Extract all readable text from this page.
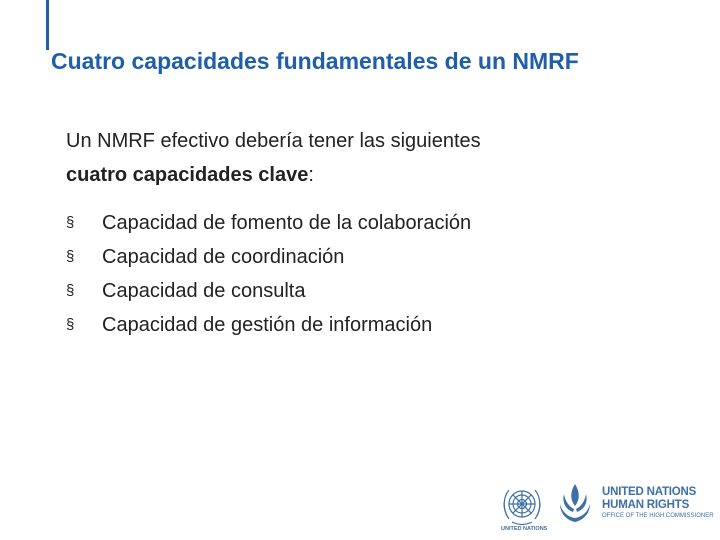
Cuatro capacidades fundamentales de un NMRF
Un NMRF efectivo debería tener las siguientes
cuatro capacidades clave:
§	Capacidad de fomento de la colaboración
§	Capacidad de coordinación
§	Capacidad de consulta
§	Capacidad de gestión de información
UNITED NATIONS
UNITED NATIONS
HUMAN RIGHTS
OFFICE OF THE HIGH COMMISSIONER
